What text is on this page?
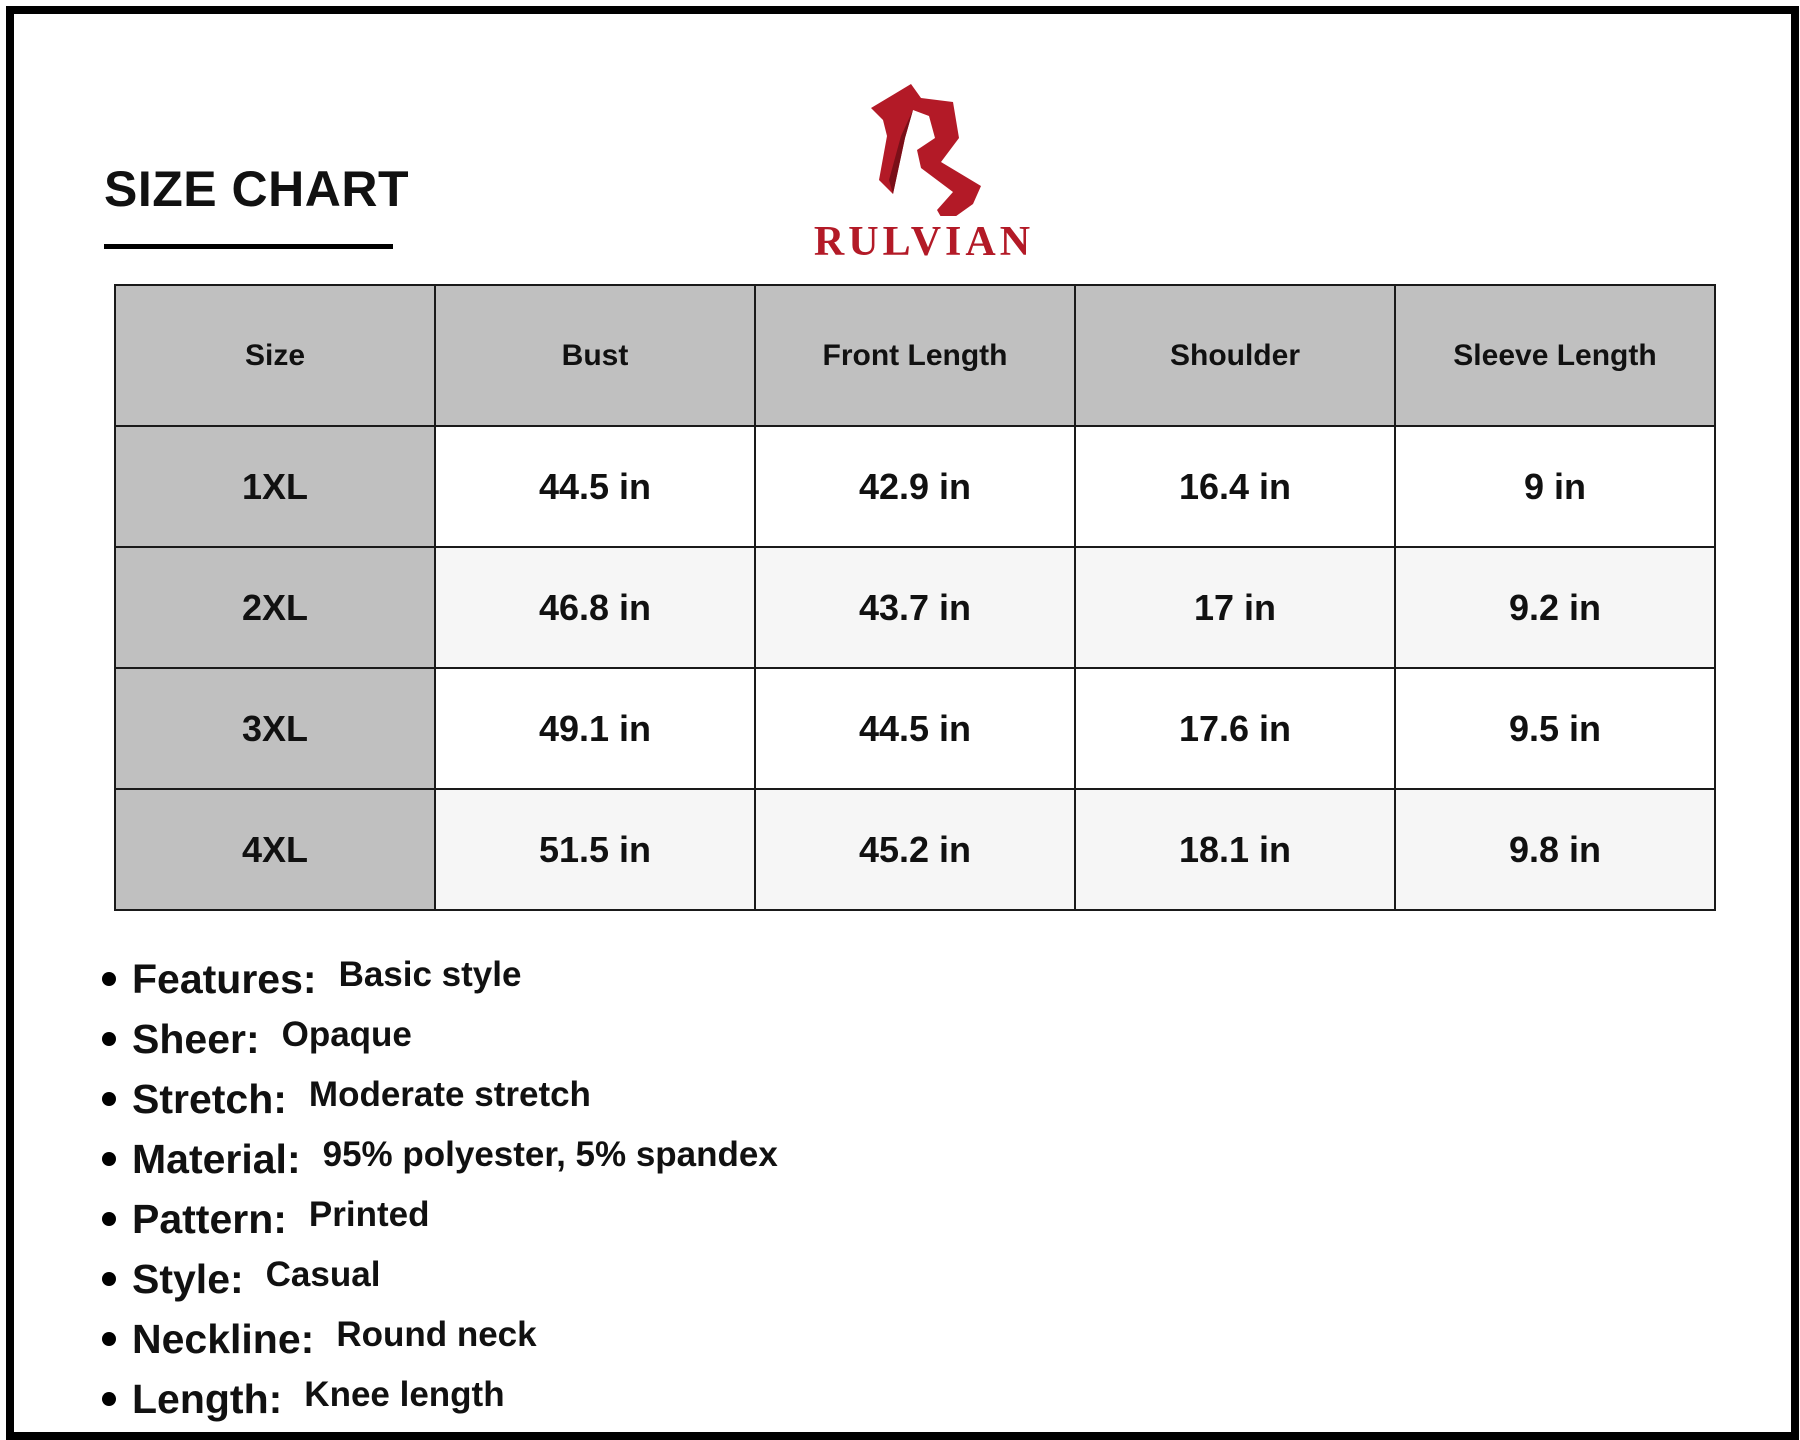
SIZE CHART
RULVIAN
Size	Bust	Front Length	Shoulder	Sleeve Length
1XL	44.5 in	42.9 in	16.4 in	9 in
2XL	46.8 in	43.7 in	17 in	9.2 in
3XL	49.1 in	44.5 in	17.6 in	9.5 in
4XL	51.5 in	45.2 in	18.1 in	9.8 in
Features: Basic style
Sheer: Opaque
Stretch: Moderate stretch
Material: 95% polyester, 5% spandex
Pattern: Printed
Style: Casual
Neckline: Round neck
Length: Knee length
